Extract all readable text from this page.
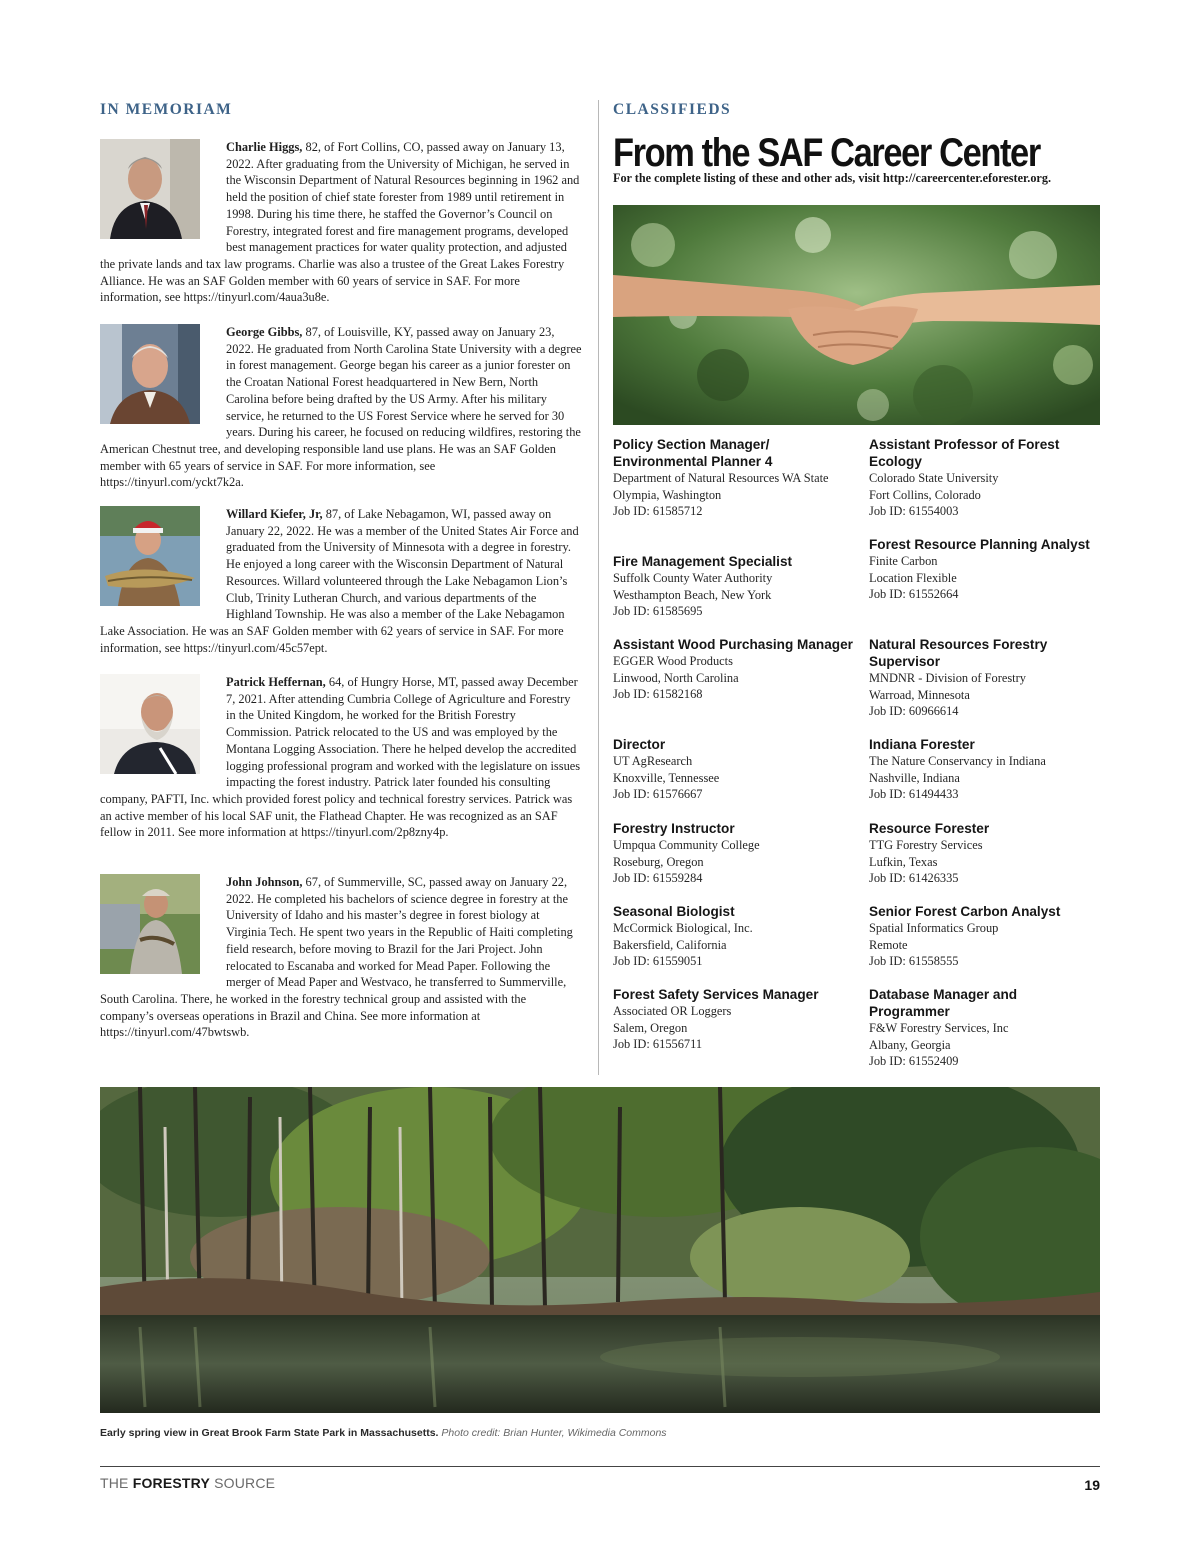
IN MEMORIAM

Charlie Higgs, 82, of Fort Collins, CO, passed away on January 13, 2022. After graduating from the University of Michigan, he served in the Wisconsin Department of Natural Resources beginning in 1962 and held the position of chief state forester from 1989 until retirement in 1998. During his time there, he staffed the Governor’s Council on Forestry, integrated forest and fire management programs, developed best management practices for water quality protection, and adjusted the private lands and tax law programs. Charlie was also a trustee of the Great Lakes Forestry Alliance. He was an SAF Golden member with 60 years of service in SAF. For more information, see https://tinyurl.com/4aua3u8e.

George Gibbs, 87, of Louisville, KY, passed away on January 23, 2022. He graduated from North Carolina State University with a degree in forest management. George began his career as a junior forester on the Croatan National Forest headquartered in New Bern, North Carolina before being drafted by the US Army. After his military service, he returned to the US Forest Service where he served for 30 years. During his career, he focused on reducing wildfires, restoring the American Chestnut tree, and developing responsible land use plans. He was an SAF Golden member with 65 years of service in SAF. For more information, see https://tinyurl.com/yckt7k2a.

Willard Kiefer, Jr, 87, of Lake Nebagamon, WI, passed away on January 22, 2022. He was a member of the United States Air Force and graduated from the University of Minnesota with a degree in forestry. He enjoyed a long career with the Wisconsin Department of Natural Resources. Willard volunteered through the Lake Nebagamon Lion’s Club, Trinity Lutheran Church, and various departments of the Highland Township. He was also a member of the Lake Nebagamon Lake Association. He was an SAF Golden member with 62 years of service in SAF. For more information, see https://tinyurl.com/45c57ept.

Patrick Heffernan, 64, of Hungry Horse, MT, passed away December 7, 2021. After attending Cumbria College of Agriculture and Forestry in the United Kingdom, he worked for the British Forestry Commission. Patrick relocated to the US and was employed by the Montana Logging Association. There he helped develop the accredited logging professional program and worked with the legislature on issues impacting the forest industry. Patrick later founded his consulting company, PAFTI, Inc. which provided forest policy and technical forestry services. Patrick was an active member of his local SAF unit, the Flathead Chapter. He was recognized as an SAF fellow in 2011. See more information at https://tinyurl.com/2p8zny4p.

John Johnson, 67, of Summerville, SC, passed away on January 22, 2022. He completed his bachelors of science degree in forestry at the University of Idaho and his master’s degree in forest biology at Virginia Tech. He spent two years in the Republic of Haiti completing field research, before moving to Brazil for the Jari Project. John relocated to Escanaba and worked for Mead Paper. Following the merger of Mead Paper and Westvaco, he transferred to Summerville, South Carolina. There, he worked in the forestry technical group and assisted with the company’s overseas operations in Brazil and China. See more information at https://tinyurl.com/47bwtswb.

CLASSIFIEDS
From the SAF Career Center
For the complete listing of these and other ads, visit http://careercenter.eforester.org.
Policy Section Manager/ Environmental Planner 4
Department of Natural Resources WA State
Olympia, Washington
Job ID: 61585712
Fire Management Specialist
Suffolk County Water Authority
Westhampton Beach, New York
Job ID: 61585695
Assistant Wood Purchasing Manager
EGGER Wood Products
Linwood, North Carolina
Job ID: 61582168
Director
UT AgResearch
Knoxville, Tennessee
Job ID: 61576667
Forestry Instructor
Umpqua Community College
Roseburg, Oregon
Job ID: 61559284
Seasonal Biologist
McCormick Biological, Inc.
Bakersfield, California
Job ID: 61559051
Forest Safety Services Manager
Associated OR Loggers
Salem, Oregon
Job ID: 61556711
Assistant Professor of Forest Ecology
Colorado State University
Fort Collins, Colorado
Job ID: 61554003
Forest Resource Planning Analyst
Finite Carbon
Location Flexible
Job ID: 61552664
Natural Resources Forestry Supervisor
MNDNR - Division of Forestry
Warroad, Minnesota
Job ID: 60966614
Indiana Forester
The Nature Conservancy in Indiana
Nashville, Indiana
Job ID: 61494433
Resource Forester
TTG Forestry Services
Lufkin, Texas
Job ID: 61426335
Senior Forest Carbon Analyst
Spatial Informatics Group
Remote
Job ID: 61558555
Database Manager and Programmer
F&W Forestry Services, Inc
Albany, Georgia
Job ID: 61552409
Early spring view in Great Brook Farm State Park in Massachusetts. Photo credit: Brian Hunter, Wikimedia Commons
THE FORESTRY SOURCE	19
